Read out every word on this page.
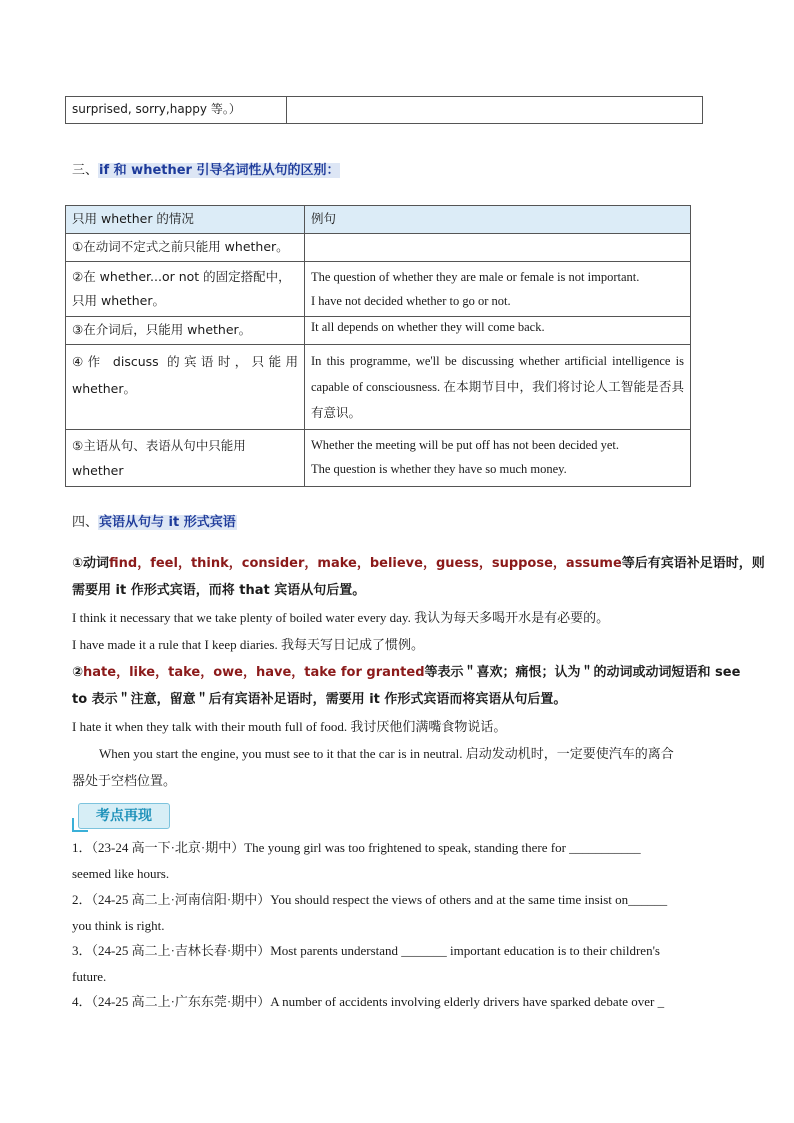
surprised, sorry,happy 等。）	
三、if 和 whether 引导名词性从句的区别：
只用 whether 的情况	例句
①在动词不定式之前只能用 whether。	
②在 whether...or not 的固定搭配中，只用 whether。	The question of whether they are male or female is not important.
I have not decided whether to go or not.
③在介词后，只能用 whether。	It all depends on whether they will come back.
④作 discuss 的宾语时，只能用 whether。	In this programme, we'll be discussing whether artificial intelligence is capable of consciousness. 在本期节目中，我们将讨论人工智能是否具有意识。
⑤主语从句、表语从句中只能用 whether	Whether the meeting will be put off has not been decided yet.
The question is whether they have so much money.
四、宾语从句与 it 形式宾语
①动词find，feel，think，consider，make，believe，guess，suppose，assume等后有宾语补足语时，则
需要用 it 作形式宾语，而将 that 宾语从句后置。
I think it necessary that we take plenty of boiled water every day. 我认为每天多喝开水是有必要的。
I have made it a rule that I keep diaries. 我每天写日记成了惯例。
②hate，like，take，owe，have，take for granted等表示＂喜欢；痛恨；认为＂的动词或动词短语和 see
to 表示＂注意，留意＂后有宾语补足语时，需要用 it 作形式宾语而将宾语从句后置。
I hate it when they talk with their mouth full of food. 我讨厌他们满嘴食物说话。
When you start the engine, you must see to it that the car is in neutral. 启动发动机时，一定要使汽车的离合
器处于空档位置。
考点再现
1．（23-24 高一下·北京·期中）The young girl was too frightened to speak, standing there for ___________
seemed like hours.
2．（24-25 高二上·河南信阳·期中）You should respect the views of others and at the same time insist on______
you think is right.
3．（24-25 高二上·吉林长春·期中）Most parents understand _______ important education is to their children's
future.
4．（24-25 高二上·广东东莞·期中）A number of accidents involving elderly drivers have sparked debate over _
